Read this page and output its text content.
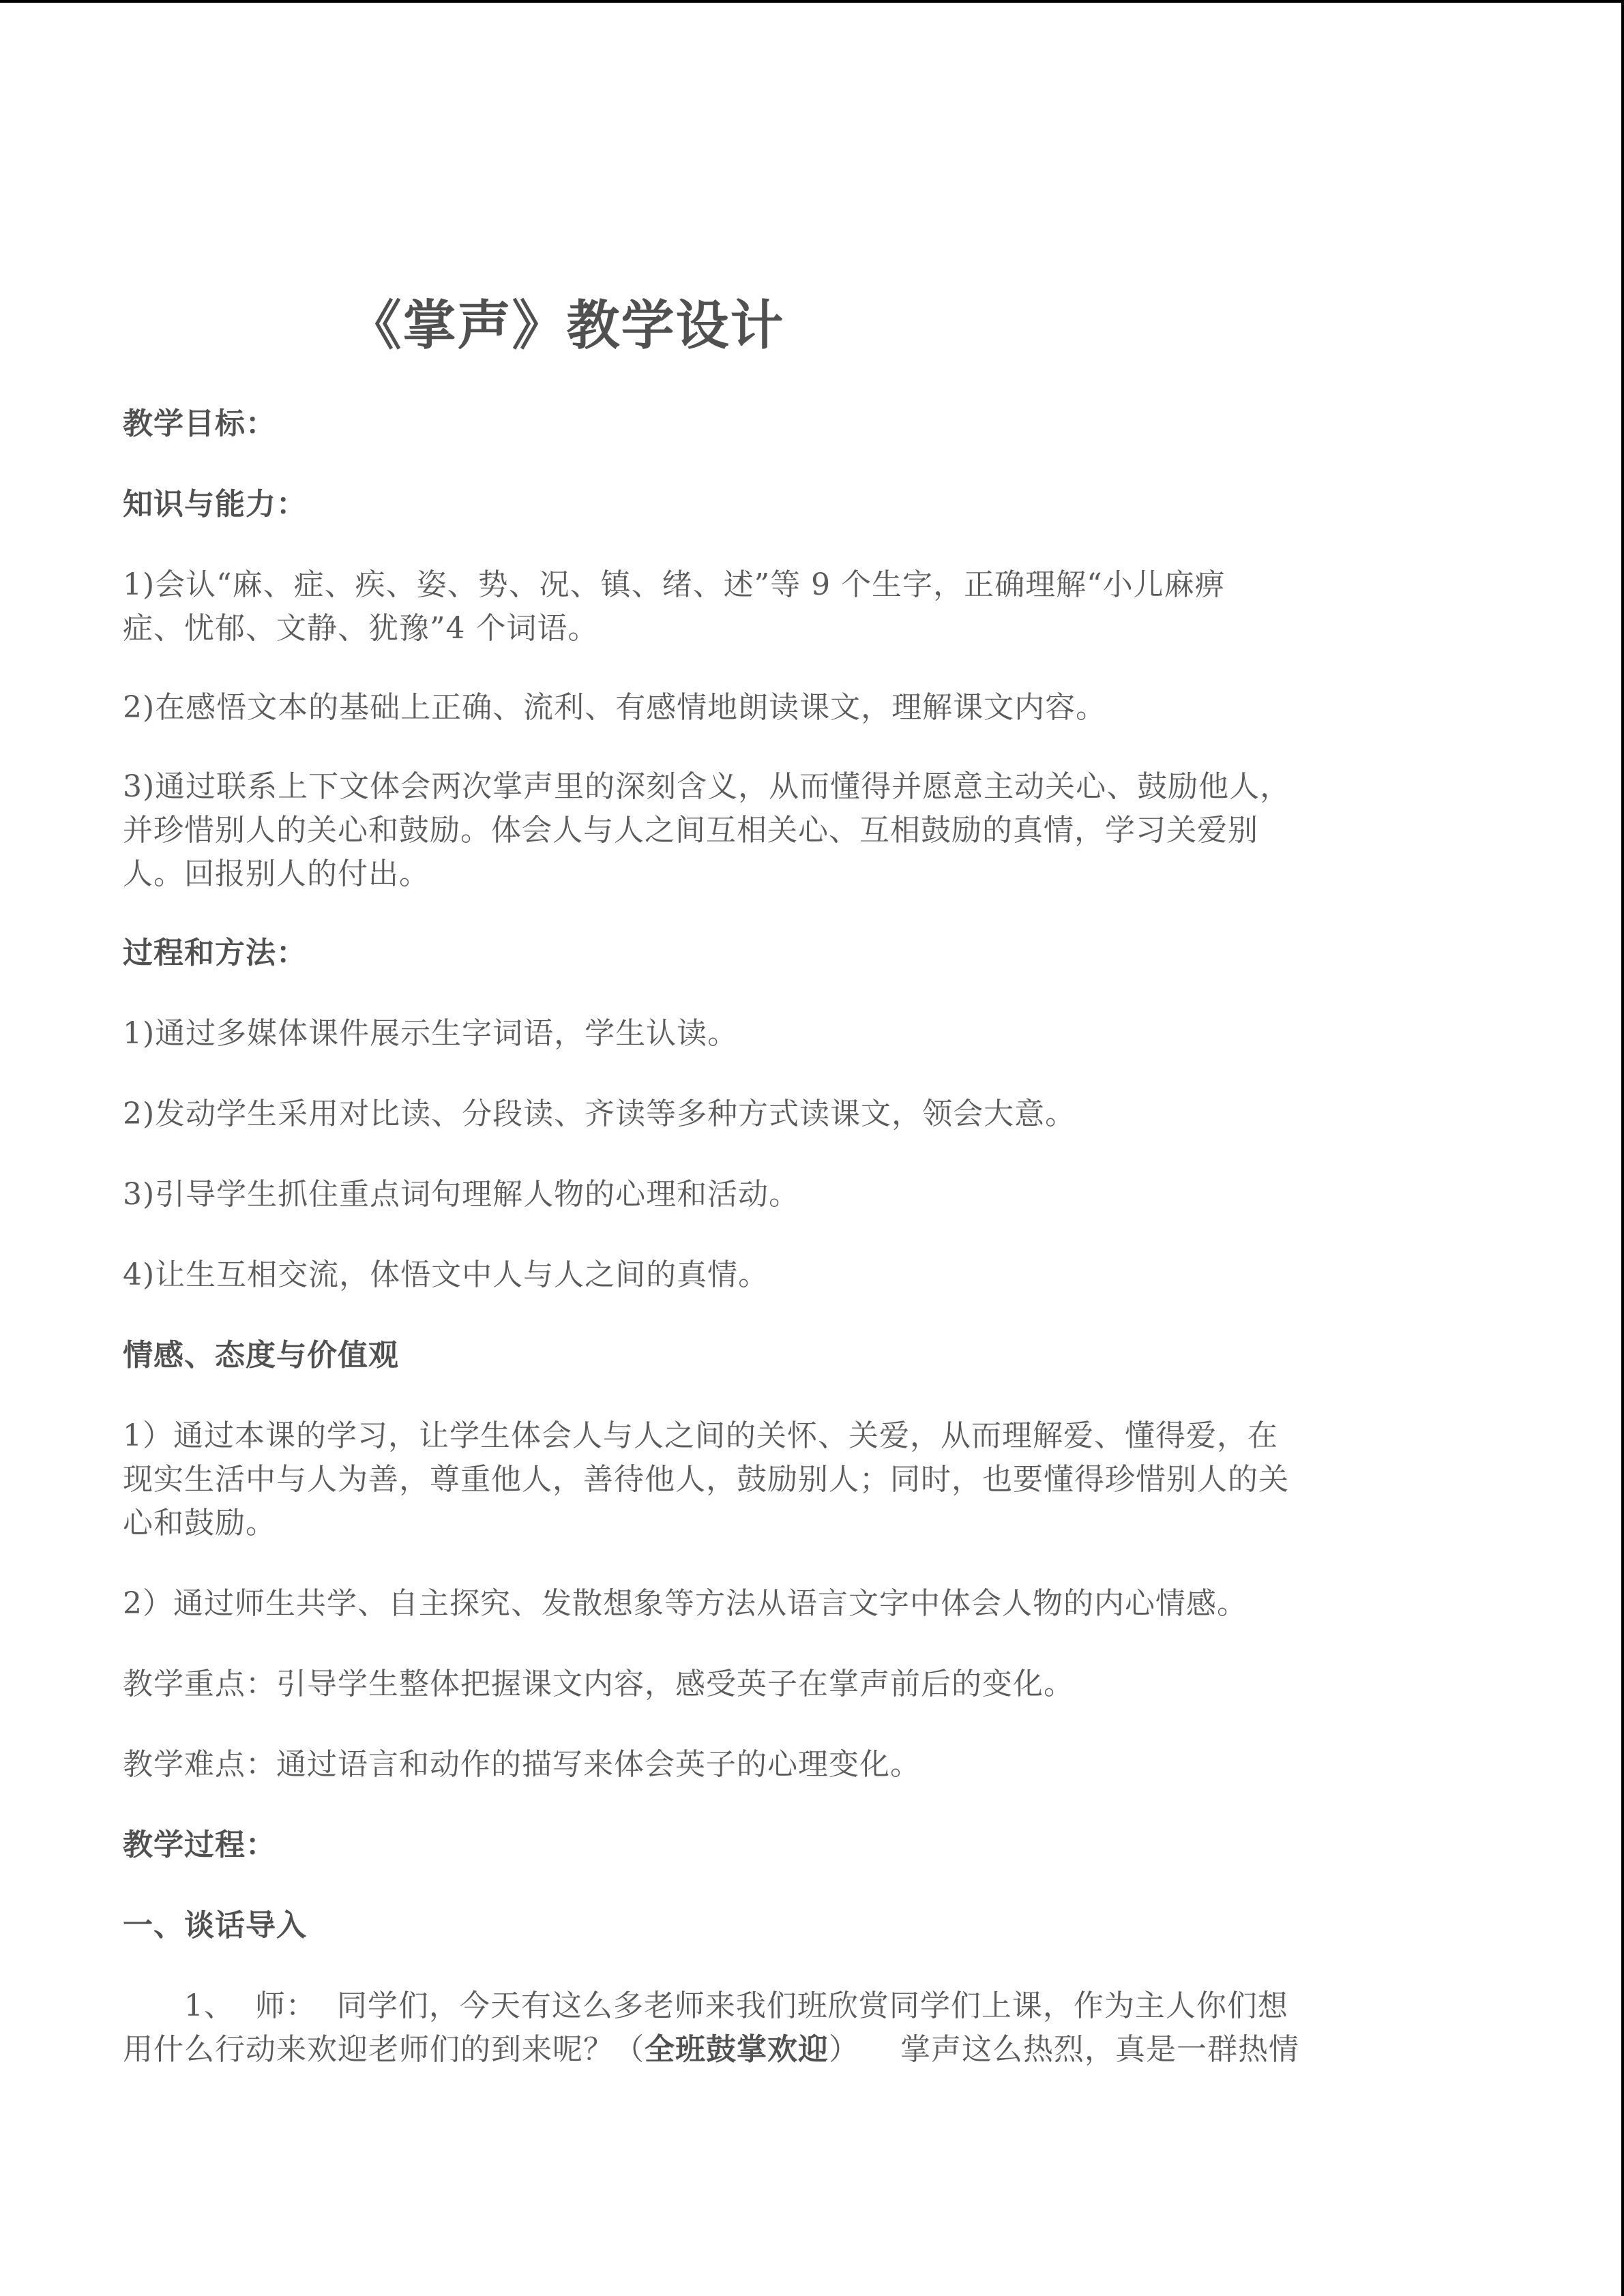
《掌声》教学设计
教学目标：
知识与能力：
1)会认“麻、症、疾、姿、势、况、镇、绪、述”等 9 个生字，正确理解“小儿麻痹
症、忧郁、文静、犹豫”4 个词语。
2)在感悟文本的基础上正确、流利、有感情地朗读课文，理解课文内容。
3)通过联系上下文体会两次掌声里的深刻含义，从而懂得并愿意主动关心、鼓励他人，
并珍惜别人的关心和鼓励。体会人与人之间互相关心、互相鼓励的真情，学习关爱别
人。回报别人的付出。
过程和方法：
1)通过多媒体课件展示生字词语，学生认读。
2)发动学生采用对比读、分段读、齐读等多种方式读课文，领会大意。
3)引导学生抓住重点词句理解人物的心理和活动。
4)让生互相交流，体悟文中人与人之间的真情。
情感、态度与价值观
1）通过本课的学习，让学生体会人与人之间的关怀、关爱，从而理解爱、懂得爱，在
现实生活中与人为善，尊重他人，善待他人，鼓励别人；同时，也要懂得珍惜别人的关
心和鼓励。
2）通过师生共学、自主探究、发散想象等方法从语言文字中体会人物的内心情感。
教学重点：引导学生整体把握课文内容，感受英子在掌声前后的变化。
教学难点：通过语言和动作的描写来体会英子的心理变化。
教学过程：
一、谈话导入
1、  师：  同学们，今天有这么多老师来我们班欣赏同学们上课，作为主人你们想
用什么行动来欢迎老师们的到来呢？（全班鼓掌欢迎）    掌声这么热烈，真是一群热情
